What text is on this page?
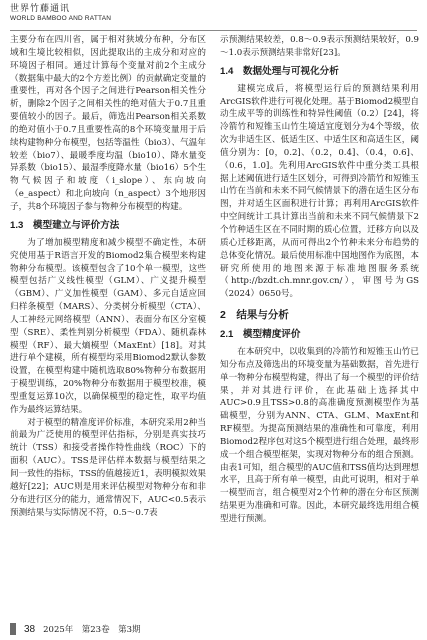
世界竹藤通讯
WORLD BAMBOO AND RATTAN

主要分布在四川省，属于相对狭域分布种，分布区域和生境比较相似，因此提取出的主成分和对应的环境因子相同。通过计算每个变量对前2个主成分（数据集中最大的2个方差比例）的贡献确定变量的重要性，再对各个因子之间进行Pearson相关性分析，删除2个因子之间相关性的绝对值大于0.7且重要值较小的因子。最后，筛选出Pearson相关系数的绝对值小于0.7且重要性高的8个环境变量用于后续构建物种分布模型，包括等温性（bio3）、气温年较差（bio7）、最暖季度均温（bio10）、降水量变异系数（bio15）、最湿季度降水量（bio16）5个生物气候因子和坡度（i_slope）、东向坡向（e_aspect）和北向坡向（n_aspect）3个地形因子，共8个环境因子参与物种分布模型的构建。

1.3　模型建立与评价方法

为了增加模型精度和减少模型不确定性，本研究使用基于R语言开发的Biomod2集合模型来构建物种分布模型。该模型包含了10个单一模型，这些模型包括广义线性模型（GLM）、广义提升模型（GBM）、广义加性模型（GAM）、多元自适应回归样条模型（MARS）、分类树分析模型（CTA）、人工神经元网络模型（ANN）、表面分布区分室模型（SRE）、柔性判别分析模型（FDA）、随机森林模型（RF）、最大熵模型（MaxEnt）[18]。对其进行单个建模，所有模型均采用Biomod2默认参数设置，在模型构建中随机选取80%物种分布数据用于模型训练，20%物种分布数据用于模型校准，模型重复运算10次，以确保模型的稳定性，取平均值作为最终运算结果。

对于模型的精准度评价标准，本研究采用2种当前最为广泛使用的模型评估指标，分别是真实技巧统计（TSS）和接受者操作特性曲线（ROC）下的面积（AUC）。TSS是评估样本数据与模型结果之间一致性的指标，TSS的值越接近1，表明模拟效果越好[22]；AUC则是用来评估模型对物种分布和非分布进行区分的能力，通常情况下，AUC<0.5表示预测结果与实际情况不符，0.5～0.7表

示预测结果较差，0.8～0.9表示预测结果较好，0.9～1.0表示预测结果非常好[23]。

1.4　数据处理与可视化分析

建模完成后，将模型运行后的预测结果利用ArcGIS软件进行可视化处理。基于Biomod2模型自动生成平等的训练性和特异性阈值（0.2）[24]，将冷箭竹和短锥玉山竹生境适宜度划分为4个等级，依次为非适生区、低适生区、中适生区和高适生区，阈值分别为：[0，0.2]、（0.2，0.4]、（0.4，0.6]、（0.6，1.0]。先利用ArcGIS软件中重分类工具根据上述阈值进行适生区划分，可得到冷箭竹和短锥玉山竹在当前和未来不同气候情景下的潜在适生区分布图，并对适生区面积进行计算；再利用ArcGIS软件中空间统计工具计算出当前和未来不同气候情景下2个竹种适生区在不同时期的质心位置，迁移方向以及质心迁移距离，从而可得出2个竹种未来分布趋势的总体变化情况。最后使用标准中国地图作为底图，本研究所使用的地图来源于标准地图服务系统（http://bzdt.ch.mnr.gov.cn/），审图号为GS（2024）0650号。

2　结果与分析
2.1　模型精度评价

在本研究中，以收集到的冷箭竹和短锥玉山竹已知分布点及筛选出的环境变量为基础数据，首先进行单一物种分布模型构建，得出了每一个模型的评价结果，并对其进行评价，在此基础上选择其中AUC>0.9且TSS>0.8的高准确度预测模型作为基础模型，分别为ANN、CTA、GLM、MaxEnt和RF模型。为提高预测结果的准确性和可靠度，利用Biomod2程序包对这5个模型进行组合处理，最终形成一个组合模型框架，实现对物种分布的组合预测。由表1可知，组合模型的AUC值和TSS值均达到理想水平，且高于所有单一模型，由此可说明，相对于单一模型而言，组合模型对2个竹种的潜在分布区预测结果更为准确和可靠。因此，本研究最终选用组合模型进行预测。

38 2025年　第23卷　第3期
